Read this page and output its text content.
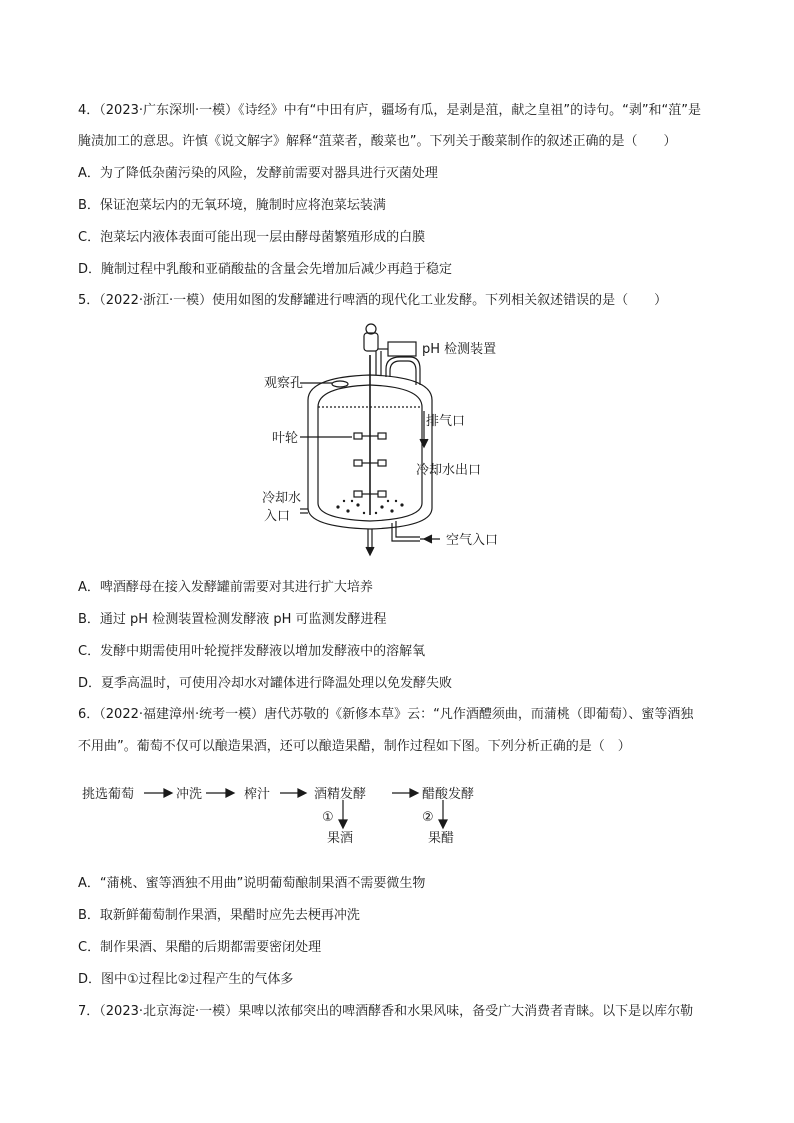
4．（2023·广东深圳·一模）《诗经》中有“中田有庐，疆场有瓜，是剥是菹，献之皇祖”的诗句。“剥”和“菹”是
腌渍加工的意思。许慎《说文解字》解释“菹菜者，酸菜也”。下列关于酸菜制作的叙述正确的是（　　）
A．为了降低杂菌污染的风险，发酵前需要对器具进行灭菌处理
B．保证泡菜坛内的无氧环境，腌制时应将泡菜坛装满
C．泡菜坛内液体表面可能出现一层由酵母菌繁殖形成的白膜
D．腌制过程中乳酸和亚硝酸盐的含量会先增加后减少再趋于稳定
5．（2022·浙江·一模）使用如图的发酵罐进行啤酒的现代化工业发酵。下列相关叙述错误的是（　　）
pH 检测装置
观察孔
排气口
叶轮
冷却水出口
冷却水
入口
空气入口
A．啤酒酵母在接入发酵罐前需要对其进行扩大培养
B．通过 pH 检测装置检测发酵液 pH 可监测发酵进程
C．发酵中期需使用叶轮搅拌发酵液以增加发酵液中的溶解氧
D．夏季高温时，可使用冷却水对罐体进行降温处理以免发酵失败
6．（2022·福建漳州·统考一模）唐代苏敬的《新修本草》云：“凡作酒醴须曲，而蒲桃（即葡萄）、蜜等酒独
不用曲”。葡萄不仅可以酿造果酒，还可以酿造果醋，制作过程如下图。下列分析正确的是（　）
挑选葡萄	冲洗	榨汁	酒精发酵	醋酸发酵
①	②
果酒	果醋
A．“蒲桃、蜜等酒独不用曲”说明葡萄酿制果酒不需要微生物
B．取新鲜葡萄制作果酒，果醋时应先去梗再冲洗
C．制作果酒、果醋的后期都需要密闭处理
D．图中①过程比②过程产生的气体多
7．（2023·北京海淀·一模）果啤以浓郁突出的啤酒酵香和水果风味，备受广大消费者青睐。以下是以库尔勒
